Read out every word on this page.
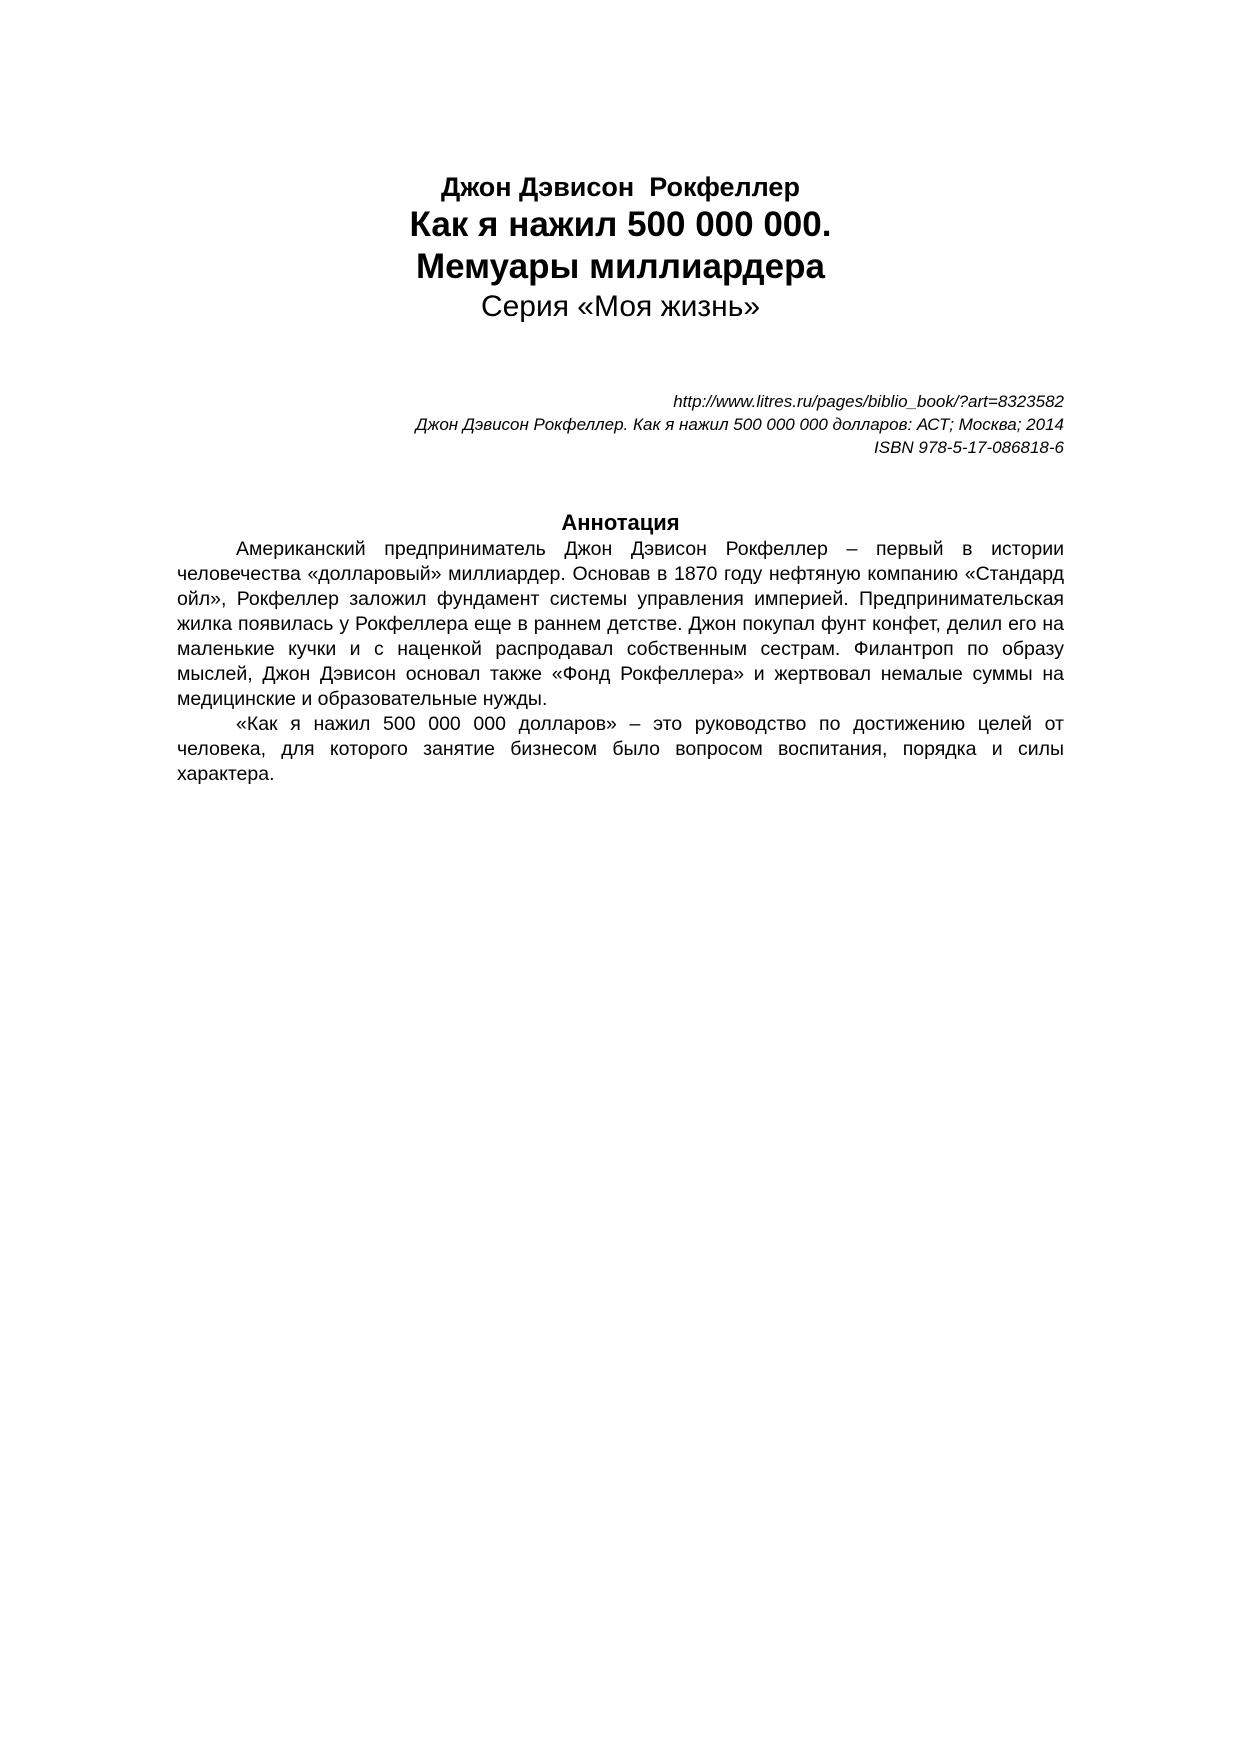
Джон Дэвисон  Рокфеллер
Как я нажил 500 000 000.
Мемуары миллиардера
Серия «Моя жизнь»
http://www.litres.ru/pages/biblio_book/?art=8323582
Джон Дэвисон Рокфеллер. Как я нажил 500 000 000 долларов: АСТ; Москва; 2014
ISBN 978-5-17-086818-6
Аннотация

Американский предприниматель Джон Дэвисон Рокфеллер – первый в истории человечества «долларовый» миллиардер. Основав в 1870 году нефтяную компанию «Стандард ойл», Рокфеллер заложил фундамент системы управления империей. Предпринимательская жилка появилась у Рокфеллера еще в раннем детстве. Джон покупал фунт конфет, делил его на маленькие кучки и с наценкой распродавал собственным сестрам. Филантроп по образу мыслей, Джон Дэвисон основал также «Фонд Рокфеллера» и жертвовал немалые суммы на медицинские и образовательные нужды.

«Как я нажил 500 000 000 долларов» – это руководство по достижению целей от человека, для которого занятие бизнесом было вопросом воспитания, порядка и силы характера.
